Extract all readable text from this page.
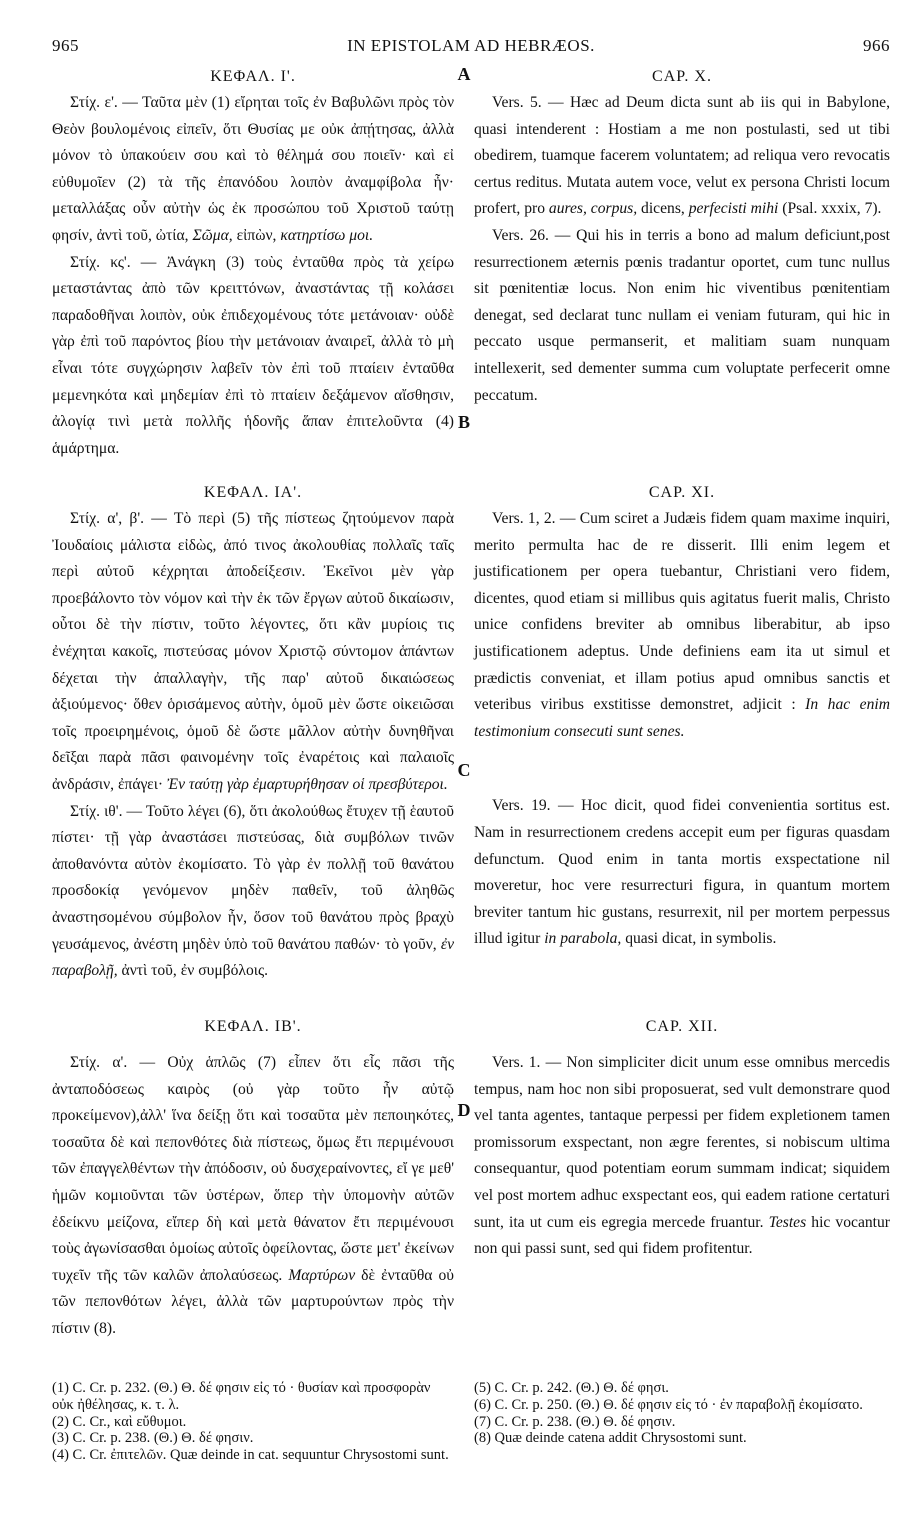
965	IN EPISTOLAM AD HEBRÆOS.	966
A
B
C
D
ΚΕΦΑΛ. Ι'.

Στίχ. ε'. — Ταῦτα μὲν (1) εἴρηται τοῖς ἐν Βαβυλῶνι πρὸς τὸν Θεὸν βουλομένοις εἰπεῖν, ὅτι Θυσίας με οὐκ ἀπῄτησας, ἀλλὰ μόνον τὸ ὑπακούειν σου καὶ τὸ θέλημά σου ποιεῖν· καὶ εἰ εὐθυμοῖεν (2) τὰ τῆς ἐπανόδου λοιπὸν ἀναμφίβολα ἦν· μεταλλάξας οὖν αὐτὴν ὡς ἐκ προσώπου τοῦ Χριστοῦ ταύτῃ φησίν, ἀντὶ τοῦ, ὠτία, Σῶμα, εἰπὼν, κατηρτίσω μοι.

Στίχ. κς'. — Ἀνάγκη (3) τοὺς ἐνταῦθα πρὸς τὰ χείρω μεταστάντας ἀπὸ τῶν κρειττόνων, ἀναστάντας τῇ κολάσει παραδοθῆναι λοιπὸν, οὐκ ἐπιδεχομένους τότε μετάνοιαν· οὐδὲ γὰρ ἐπὶ τοῦ παρόντος βίου τὴν μετάνοιαν ἀναιρεῖ, ἀλλὰ τὸ μὴ εἶναι τότε συγχώρησιν λαβεῖν τὸν ἐπὶ τοῦ πταίειν ἐνταῦθα μεμενηκότα καὶ μηδεμίαν ἐπὶ τὸ πταίειν δεξάμενον αἴσθησιν, ἀλογίᾳ τινὶ μετὰ πολλῆς ἡδονῆς ἅπαν ἐπιτελοῦντα (4) ἁμάρτημα.

ΚΕΦΑΛ. ΙΑ'.

Στίχ. α', β'. — Τὸ περὶ (5) τῆς πίστεως ζητούμενον παρὰ Ἰουδαίοις μάλιστα εἰδὼς, ἀπό τινος ἀκολουθίας πολλαῖς ταῖς περὶ αὐτοῦ κέχρηται ἀποδείξεσιν. Ἐκεῖνοι μὲν γὰρ προεβάλοντο τὸν νόμον καὶ τὴν ἐκ τῶν ἔργων αὐτοῦ δικαίωσιν, οὗτοι δὲ τὴν πίστιν, τοῦτο λέγοντες, ὅτι κἂν μυρίοις τις ἐνέχηται κακοῖς, πιστεύσας μόνον Χριστῷ σύντομον ἁπάντων δέχεται τὴν ἀπαλλαγὴν, τῆς παρ' αὐτοῦ δικαιώσεως ἀξιούμενος· ὅθεν ὁρισάμενος αὐτὴν, ὁμοῦ μὲν ὥστε οἰκειῶσαι τοῖς προειρημένοις, ὁμοῦ δὲ ὥστε μᾶλλον αὐτὴν δυνηθῆναι δεῖξαι παρὰ πᾶσι φαινομένην τοῖς ἐναρέτοις καὶ παλαιοῖς ἀνδράσιν, ἐπάγει· Ἐν ταύτῃ γὰρ ἐμαρτυρήθησαν οἱ πρεσβύτεροι.

Στίχ. ιθ'. — Τοῦτο λέγει (6), ὅτι ἀκολούθως ἔτυχεν τῇ ἑαυτοῦ πίστει· τῇ γὰρ ἀναστάσει πιστεύσας, διὰ συμβόλων τινῶν ἀποθανόντα αὐτὸν ἐκομίσατο. Τὸ γὰρ ἐν πολλῇ τοῦ θανάτου προσδοκίᾳ γενόμενον μηδὲν παθεῖν, τοῦ ἀληθῶς ἀναστησομένου σύμβολον ἦν, ὅσον τοῦ θανάτου πρὸς βραχὺ γευσάμενος, ἀνέστη μηδὲν ὑπὸ τοῦ θανάτου παθών· τὸ γοῦν, ἐν παραβολῇ, ἀντὶ τοῦ, ἐν συμβόλοις.

ΚΕΦΑΛ. ΙΒ'.

Στίχ. α'. — Οὐχ ἁπλῶς (7) εἶπεν ὅτι εἷς πᾶσι τῆς ἀνταποδόσεως καιρὸς (οὐ γὰρ τοῦτο ἦν αὐτῷ προκείμενον),ἀλλ' ἵνα δείξῃ ὅτι καὶ τοσαῦτα μὲν πεποιηκότες, τοσαῦτα δὲ καὶ πεπονθότες διὰ πίστεως, ὅμως ἔτι περιμένουσι τῶν ἐπαγγελθέντων τὴν ἀπόδοσιν, οὐ δυσχεραίνοντες, εἴ γε μεθ' ἡμῶν κομιοῦνται τῶν ὑστέρων, ὅπερ τὴν ὑπομονὴν αὐτῶν ἐδείκνυ μείζονα, εἴπερ δὴ καὶ μετὰ θάνατον ἔτι περιμένουσι τοὺς ἀγωνίσασθαι ὁμοίως αὐτοῖς ὀφείλοντας, ὥστε μετ' ἐκείνων τυχεῖν τῆς τῶν καλῶν ἀπολαύσεως. Μαρτύρων δὲ ἐνταῦθα οὐ τῶν πεπονθότων λέγει, ἀλλὰ τῶν μαρτυρούντων πρὸς τὴν πίστιν (8).

CAP. X.

Vers. 5. — Hæc ad Deum dicta sunt ab iis qui in Babylone, quasi intenderent : Hostiam a me non postulasti, sed ut tibi obedirem, tuamque facerem voluntatem; ad reliqua vero revocatis certus reditus. Mutata autem voce, velut ex persona Christi locum profert, pro aures, corpus, dicens, perfecisti mihi (Psal. xxxix, 7).

Vers. 26. — Qui his in terris a bono ad malum deficiunt,post resurrectionem æternis pœnis tradantur oportet, cum tunc nullus sit pœnitentiæ locus. Non enim hic viventibus pœnitentiam denegat, sed declarat tunc nullam ei veniam futuram, qui hic in peccato usque permanserit, et malitiam suam nunquam intellexerit, sed dementer summa cum voluptate perfecerit omne peccatum.

CAP. XI.

Vers. 1, 2. — Cum sciret a Judæis fidem quam maxime inquiri, merito permulta hac de re disserit. Illi enim legem et justificationem per opera tuebantur, Christiani vero fidem, dicentes, quod etiam si millibus quis agitatus fuerit malis, Christo unice confidens breviter ab omnibus liberabitur, ab ipso justificationem adeptus. Unde definiens eam ita ut simul et prædictis conveniat, et illam potius apud omnibus sanctis et veteribus viribus exstitisse demonstret, adjicit : In hac enim testimonium consecuti sunt senes.

Vers. 19. — Hoc dicit, quod fidei convenientia sortitus est. Nam in resurrectionem credens accepit eum per figuras quasdam defunctum. Quod enim in tanta mortis exspectatione nil moveretur, hoc vere resurrecturi figura, in quantum mortem breviter tantum hic gustans, resurrexit, nil per mortem perpessus illud igitur in parabola, quasi dicat, in symbolis.

CAP. XII.

Vers. 1. — Non simpliciter dicit unum esse omnibus mercedis tempus, nam hoc non sibi proposuerat, sed vult demonstrare quod vel tanta agentes, tantaque perpessi per fidem expletionem tamen promissorum exspectant, non ægre ferentes, si nobiscum ultima consequantur, quod potentiam eorum summam indicat; siquidem vel post mortem adhuc exspectant eos, qui eadem ratione certaturi sunt, ita ut cum eis egregia mercede fruantur. Testes hic vocantur non qui passi sunt, sed qui fidem profitentur.

(1) C. Cr. p. 232. (Θ.) Θ. δέ φησιν εἰς τό · θυσίαν καὶ προσφορὰν οὐκ ἠθέλησας, κ. τ. λ.
(2) C. Cr., καὶ εὔθυμοι.
(3) C. Cr. p. 238. (Θ.) Θ. δέ φησιν.
(4) C. Cr. ἐπιτελῶν. Quæ deinde in cat. sequuntur Chrysostomi sunt.
(5) C. Cr. p. 242. (Θ.) Θ. δέ φησι.
(6) C. Cr. p. 250. (Θ.) Θ. δέ φησιν εἰς τό · ἐν παραβολῇ ἐκομίσατο.
(7) C. Cr. p. 238. (Θ.) Θ. δέ φησιν.
(8) Quæ deinde catena addit Chrysostomi sunt.
